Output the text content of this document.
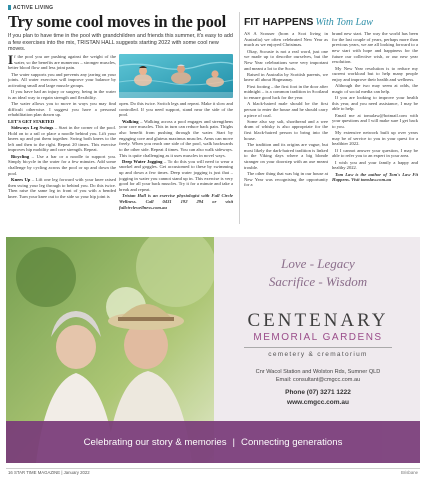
ACTIVE LIVING
Try some cool moves in the pool
If you plan to have time in the pool with grandchildren and friends this summer, it's easy to add a few exercises into the mix, TRISTAN HALL suggests starting 2022 with some cool new moves.

If the pool you are pushing against the weight of the water, so the benefits are numerous – stronger muscles, better blood flow and less joint pain.

The water supports you and prevents any jarring on your joints. All water exercises will improve your balance by activating small and large muscle groups.

If you have had an injury or surgery, being in the water is an ideal way to regain strength and flexibility.

The water allows you to move in ways you may find difficult otherwise. I suggest you have a personal rehabilitation plan drawn up.

LET'S GET STARTED

Sideways Leg Swings – Start in the corner of the pool. Hold on to a rail or place a noodle behind you. Lift your knees up and put them together. Swing both knees to the left and then to the right. Repeat 20 times. This exercise improves hip mobility and core strength. Repeat.

Bicycling – Use a bar or a noodle to support you. Simply bicycle in the water for a few minutes. Add some challenge by cycling across the pool or up and down the pool.

Knees Up – Lift one leg forward with your knee raised then swing your leg through to behind you. Do this twice. Then raise the same leg in front of you with a bended knee. Turn your knee out to the side so your hip joint is

open. Do this twice. Switch legs and repeat. Make it slow and controlled. If you need support, stand near the side of the pool.

Walking – Walking across a pool engages and strengthens your core muscles. This in turn can reduce back pain. Thighs also benefit from pushing through the water. Start by engaging core and gluteus maximus muscles. Arms can move freely. When you reach one side of the pool, walk backwards to the other side. Repeat 4 times. You can also walk sideways. This is quite challenging as it uses muscles in novel ways.

Deep Water Jogging – To do this you will need to wear a snorkel and goggles. Get accustomed to these by swimming up and down a few times. Deep water jogging is just that – jogging in water you cannot stand up in. This exercise is very good for all your back muscles. Try it for a minute and take a break and repeat.

Tristan Hall is an exercise physiologist with Full Circle Wellness. Call 0431 192 294 or visit fullcirclewellness.com.au

FIT HAPPENS With Tom Law

AS A Scouser (born a Scot living in Australia) we often celebrated New Year as much as we enjoyed Christmas.

Okay, Scousie is not a real word, just one we made up to describe ourselves, but the New Year celebrations were very important and meant a lot to the Scots.

Raised in Australia by Scottish parents, we knew all about Hogmanay.

First footing – the first foot in the door after midnight – is a common tradition in Scotland to ensure good luck for the year.

A black-haired male should be the first person to enter the house and he should carry a piece of coal.

Some also say salt, shortbread and a wee dram of whisky is also appropriate for the first black-haired person to bring into the house.

The tradition and its origins are vague, but most likely the dark-haired tradition is linked to the Viking days where a big blonde stranger on your doorstep with an axe meant trouble.

The other thing that was big in our house at New Year was recognising the opportunity for a

brand new start. The way the world has been for the last couple of years, perhaps more than previous years, we are all looking forward to a new start with hope and happiness for the future our collective wish, or our new year resolution.

My New Year resolution is to reduce my current workload but to help many people enjoy and improve their health and wellness.

Although the two may seem at odds, the magic of social media can help.

If you are looking to improve your health this year, and you need assistance, I may be able to help.

Email me at tomalaw@hotmail.com with your questions and I will make sure I get back to you.

My extensive network built up over years may be of service to you in your quest for a healthier 2022.

If I cannot answer your question, I may be able to refer you to an expert in your area.

I wish you and your family a happy and healthy 2022.

Tom Law is the author of Tom's Law Fit Happens. Visit tomslaw.com.au

Love - Legacy
Sacrifice - Wisdom
CENTENARY
MEMORIAL GARDENS
cemetery & crematorium
Cnr Wacol Station and Wolston Rds, Sumner QLD
Email: consultant@cmgcc.com.au
Phone (07) 3271 1222
www.cmgcc.com.au
Celebrating our story & memories | Connecting generations
16 STAR TIME MAGAZINE | January 2022	Brisbane
